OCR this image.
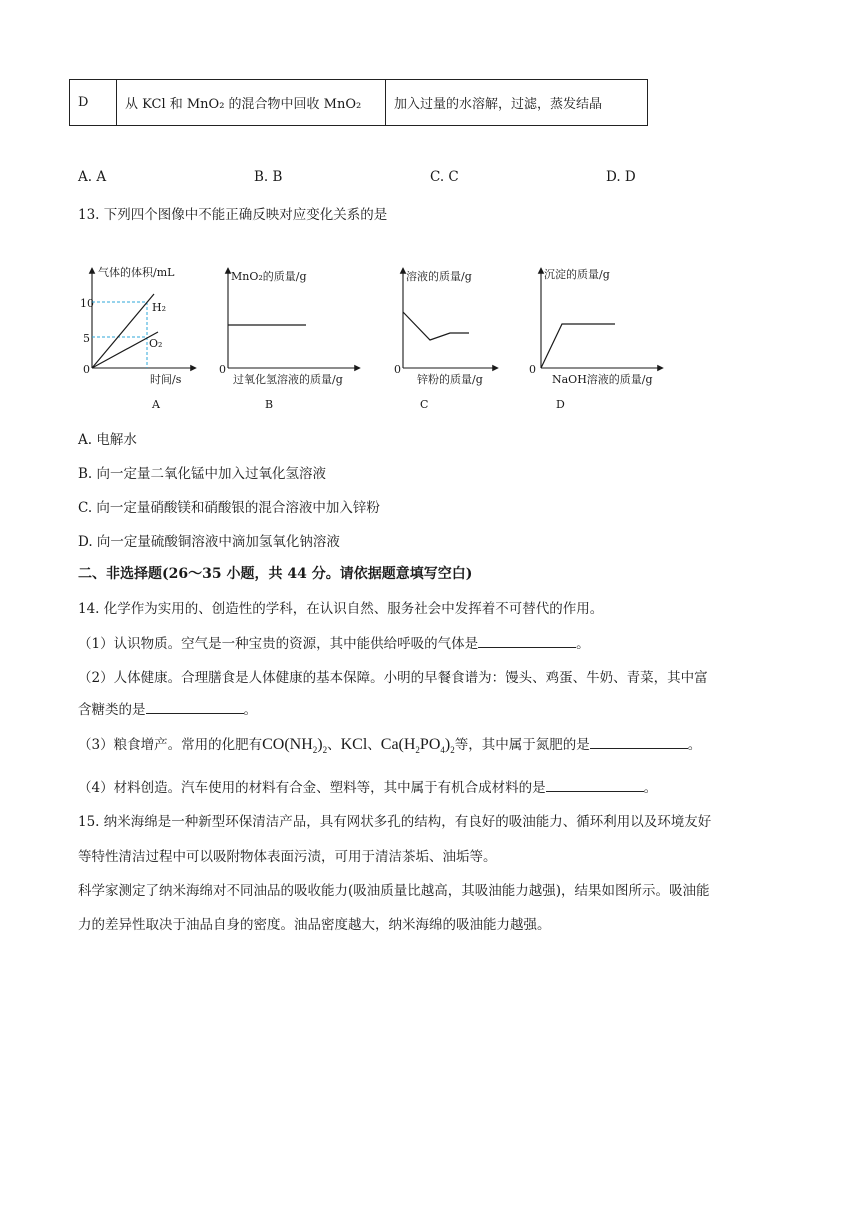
D	从 KCl 和 MnO₂ 的混合物中回收 MnO₂	加入过量的水溶解，过滤，蒸发结晶
A. A	B. B	C. C	D. D
13. 下列四个图像中不能正确反映对应变化关系的是
气体的体积/mL
时间/s
10
5
0
H₂
O₂
A
MnO₂的质量/g
过氧化氢溶液的质量/g
0
B
溶液的质量/g
锌粉的质量/g
0
C
沉淀的质量/g
NaOH溶液的质量/g
0
D
A. 电解水
B. 向一定量二氧化锰中加入过氧化氢溶液
C. 向一定量硝酸镁和硝酸银的混合溶液中加入锌粉
D. 向一定量硫酸铜溶液中滴加氢氧化钠溶液
二、非选择题(26～35 小题，共 44 分。请依据题意填写空白)
14. 化学作为实用的、创造性的学科，在认识自然、服务社会中发挥着不可替代的作用。
（1）认识物质。空气是一种宝贵的资源，其中能供给呼吸的气体是	。
（2）人体健康。合理膳食是人体健康的基本保障。小明的早餐食谱为：馒头、鸡蛋、牛奶、青菜，其中富
含糖类的是	。
（3）粮食增产。常用的化肥有$CO(NH_2)_2$、KCl、$Ca(H_2PO_4)_2$等，其中属于氮肥的是	。
（4）材料创造。汽车使用的材料有合金、塑料等，其中属于有机合成材料的是	。
15. 纳米海绵是一种新型环保清洁产品，具有网状多孔的结构，有良好的吸油能力、循环利用以及环境友好
等特性清洁过程中可以吸附物体表面污渍，可用于清洁茶垢、油垢等。
科学家测定了纳米海绵对不同油品的吸收能力(吸油质量比越高，其吸油能力越强)，结果如图所示。吸油能
力的差异性取决于油品自身的密度。油品密度越大，纳米海绵的吸油能力越强。
